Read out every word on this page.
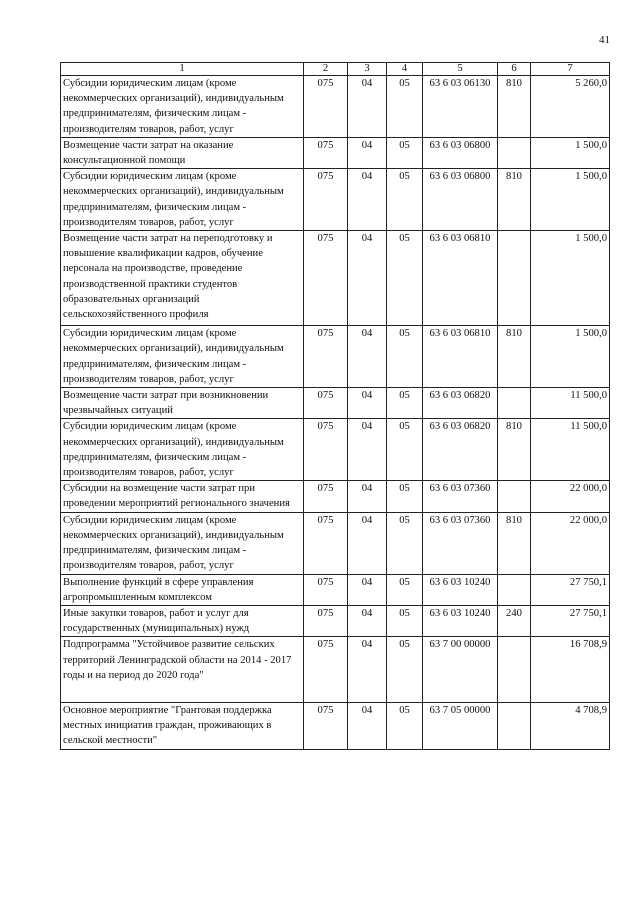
41
1	2	3	4	5	6	7
Субсидии юридическим лицам (кроме некоммерческих организаций), индивидуальным предпринимателям, физическим лицам - производителям товаров, работ, услуг	075	04	05	63 6 03 06130	810	5 260,0
Возмещение части затрат на оказание консультационной помощи	075	04	05	63 6 03 06800		1 500,0
Субсидии юридическим лицам (кроме некоммерческих организаций), индивидуальным предпринимателям, физическим лицам - производителям товаров, работ, услуг	075	04	05	63 6 03 06800	810	1 500,0
Возмещение части затрат на переподготовку и повышение квалификации кадров, обучение персонала на производстве, проведение производственной практики студентов образовательных организаций сельскохозяйственного профиля	075	04	05	63 6 03 06810		1 500,0
Субсидии юридическим лицам (кроме некоммерческих организаций), индивидуальным предпринимателям, физическим лицам - производителям товаров, работ, услуг	075	04	05	63 6 03 06810	810	1 500,0
Возмещение части затрат при возникновении чрезвычайных ситуаций	075	04	05	63 6 03 06820		11 500,0
Субсидии юридическим лицам (кроме некоммерческих организаций), индивидуальным предпринимателям, физическим лицам - производителям товаров, работ, услуг	075	04	05	63 6 03 06820	810	11 500,0
Субсидии на возмещение части затрат при проведении мероприятий регионального значения	075	04	05	63 6 03 07360		22 000,0
Субсидии юридическим лицам (кроме некоммерческих организаций), индивидуальным предпринимателям, физическим лицам - производителям товаров, работ, услуг	075	04	05	63 6 03 07360	810	22 000,0
Выполнение функций в сфере управления агропромышленным комплексом	075	04	05	63 6 03 10240		27 750,1
Иные закупки товаров, работ и услуг для государственных (муниципальных) нужд	075	04	05	63 6 03 10240	240	27 750,1
Подпрограмма "Устойчивое развитие сельских территорий Ленинградской области на 2014 - 2017 годы и на период до 2020 года"	075	04	05	63 7 00 00000		16 708,9
Основное мероприятие "Грантовая поддержка местных инициатив граждан, проживающих в сельской местности"	075	04	05	63 7 05 00000		4 708,9
